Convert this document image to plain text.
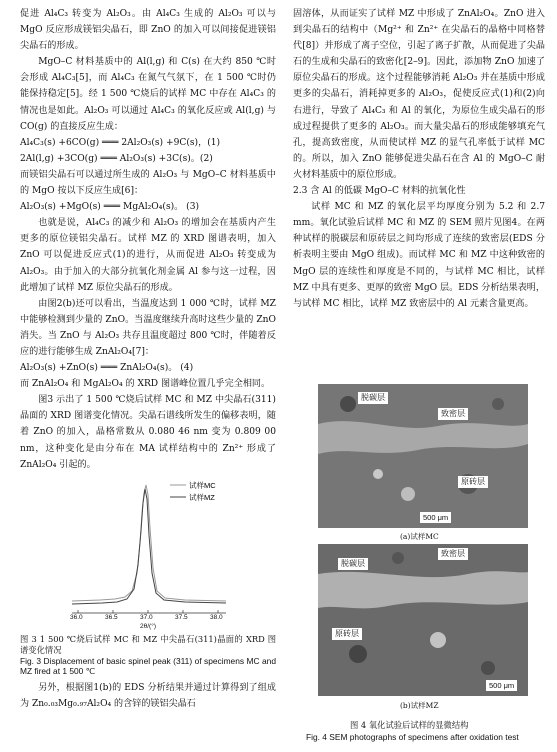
促进 Al₄C₃ 转变为 Al₂O₃。由 Al₄C₃ 生成的 Al₂O₃ 可以与 MgO 反应形成镁铝尖晶石，即 ZnO 的加入可以间接促进镁铝尖晶石的形成。

MgO–C 材料基质中的 Al(l,g) 和 C(s) 在大约 850 ℃时会形成 Al₄C₃[5]，而 Al₄C₃ 在氮气气氛下，在 1 500 ℃时仍能保持稳定[5]。经 1 500 ℃烧后的试样 MC 中存在 Al₄C₃ 的情况也是如此。Al₂O₃ 可以通过 Al₄C₃ 的氧化反应或 Al(l,g) 与 CO(g) 的直接反应生成：

Al₄C₃(s) +6CO(g) ═══ 2Al₂O₃(s) +9C(s)，(1)

2Al(l,g) +3CO(g) ═══ Al₂O₃(s) +3C(s)。(2)

而镁铝尖晶石可以通过所生成的 Al₂O₃ 与 MgO–C 材料基质中的 MgO 按以下反应生成[6]：

Al₂O₃(s) +MgO(s) ═══ MgAl₂O₄(s)。 (3)

也就是说，Al₄C₃ 的减少和 Al₂O₃ 的增加会在基质内产生更多的原位镁铝尖晶石。试样 MZ 的 XRD 图谱表明，加入 ZnO 可以促进反应式(1)的进行，从而促进 Al₂O₃ 转变成为 Al₂O₃。由于加入的大部分抗氧化剂金属 Al 参与这一过程，因此增加了试样 MZ 原位尖晶石的形成。

由图2(b)还可以看出，当温度达到 1 000 ℃时，试样 MZ 中能够检测到少量的 ZnO。当温度继续升高时这些少量的 ZnO 消失。当 ZnO 与 Al₂O₃ 共存且温度超过 800 ℃时，伴随着反应的进行能够生成 ZnAl₂O₄[7]：

Al₂O₃(s) +ZnO(s) ═══ ZnAl₂O₄(s)。 (4)

而 ZnAl₂O₄ 和 MgAl₂O₄ 的 XRD 图谱峰位置几乎完全相同。

图3 示出了 1 500 ℃烧后试样 MC 和 MZ 中尖晶石(311)晶面的 XRD 图谱变化情况。尖晶石谱线所发生的偏移表明，随着 ZnO 的加入，晶格常数从 0.080 46 nm 变为 0.809 00 nm，这种变化是由分布在 MA 试样结构中的 Zn²⁺ 形成了 ZnAl₂O₄ 引起的。

试样MC
试样MZ
36.0	36.5	37.0	37.5	38.0
2θ/(°)

图 3 1 500 ℃烧后试样 MC 和 MZ 中尖晶石(311)晶面的 XRD 图谱变化情况

Fig. 3 Displacement of basic spinel peak (311) of specimens MC and MZ fired at 1 500 ℃

另外，根据图1(b)的 EDS 分析结果并通过计算得到了组成为 Zn₀.₀₃Mg₀.₉₇Al₂O₄ 的含锌的镁铝尖晶石

固溶体，从而证实了试样 MZ 中形成了 ZnAl₂O₄。ZnO 进入到尖晶石的结构中（Mg²⁺ 和 Zn²⁺ 在尖晶石的晶格中同格替代[8]）并形成了离子空位，引起了离子扩散，从而促进了尖晶石的生成和尖晶石的致密化[2–9]。因此，添加物 ZnO 加速了原位尖晶石的形成。这个过程能够消耗 Al₂O₃ 并在基质中形成更多的尖晶石，消耗掉更多的 Al₂O₃，促使反应式(1)和(2)向右进行，导致了 Al₄C₃ 和 Al 的氧化，为原位生成尖晶石的形成过程提供了更多的 Al₂O₃。而大量尖晶石的形成能够填充气孔，提高致密度，从而使试样 MZ 的显气孔率低于试样 MC 的。所以，加入 ZnO 能够促进尖晶石在含 Al 的 MgO–C 耐火材料基质中的原位形成。

2.3 含 Al 的低碳 MgO–C 材料的抗氧化性

试样 MC 和 MZ 的氧化层平均厚度分别为 5.2 和 2.7 mm。氧化试验后试样 MC 和 MZ 的 SEM 照片见图4。在两种试样的脱碳层和原砖层之间均形成了连续的致密层(EDS 分析表明主要由 MgO 组成)。而试样 MC 和 MZ 中这种致密的 MgO 层的连续性和厚度是不同的，与试样 MC 相比，试样 MZ 中具有更多、更厚的致密 MgO 层。EDS 分析结果表明，与试样 MC 相比，试样 MZ 致密层中的 Al 元素含量更高。

脱碳层
致密层
原砖层
500 μm
(a)试样MC
脱碳层
致密层
原砖层
500 μm
(b)试样MZ

图 4 氧化试验后试样的显微结构

Fig. 4 SEM photographs of specimens after oxidation test
